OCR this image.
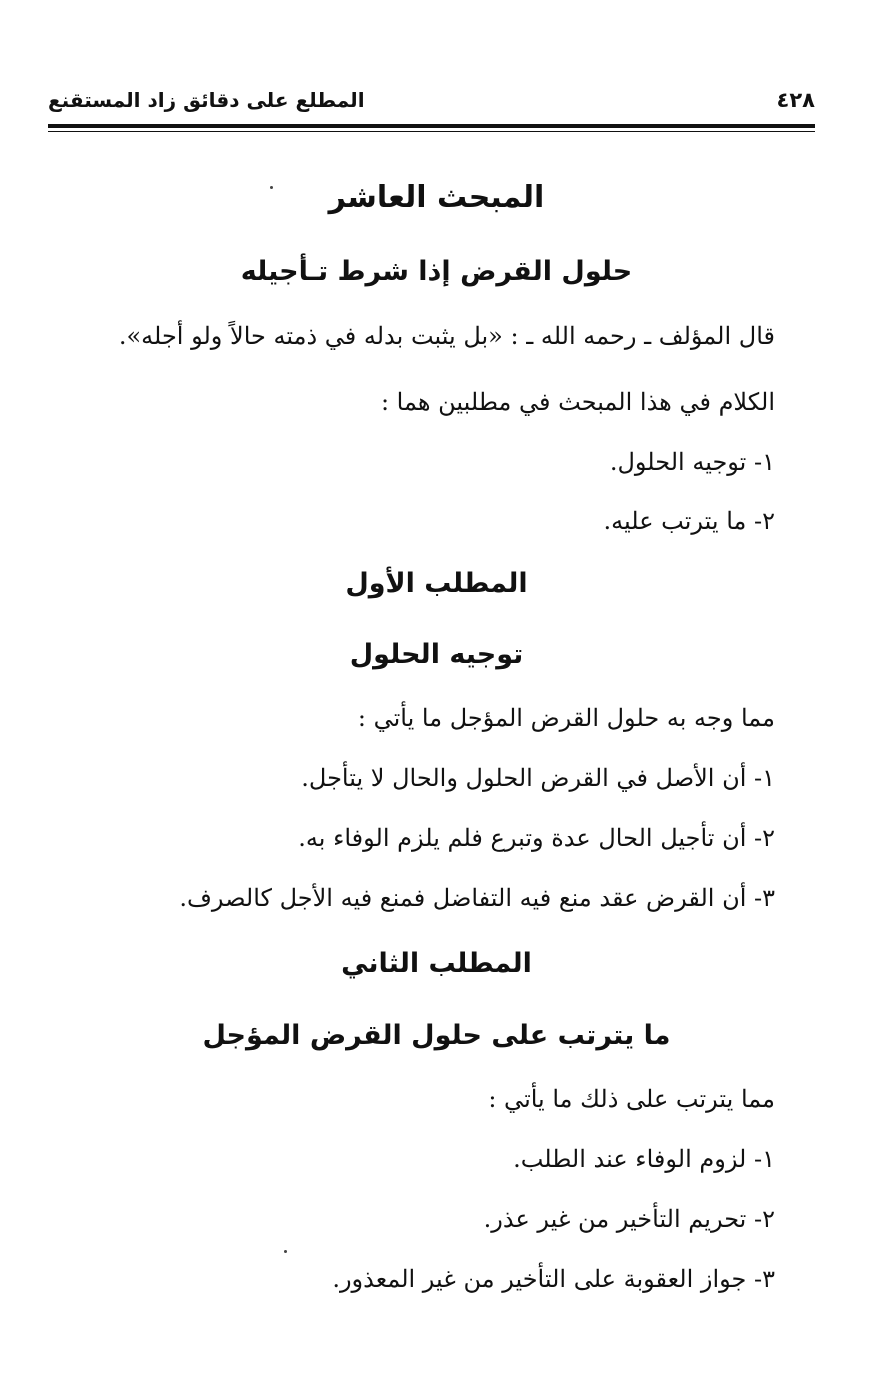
٤٢٨
المطلع على دقائق زاد المستقنع
المبحث العاشر
حلول القرض إذا شرط تـأجيله
قال المؤلف ـ رحمه الله ـ : «بل يثبت بدله في ذمته حالاً ولو أجله».
الكلام في هذا المبحث في مطلبين هما :
١- توجيه الحلول.
٢- ما يترتب عليه.
المطلب الأول
توجيه الحلول
مما وجه به حلول القرض المؤجل ما يأتي :
١- أن الأصل في القرض الحلول والحال لا يتأجل.
٢- أن تأجيل الحال عدة وتبرع فلم يلزم الوفاء به.
٣- أن القرض عقد منع فيه التفاضل فمنع فيه الأجل كالصرف.
المطلب الثاني
ما يترتب على حلول القرض المؤجل
مما يترتب على ذلك ما يأتي :
١- لزوم الوفاء عند الطلب.
٢- تحريم التأخير من غير عذر.
٣- جواز العقوبة على التأخير من غير المعذور.
